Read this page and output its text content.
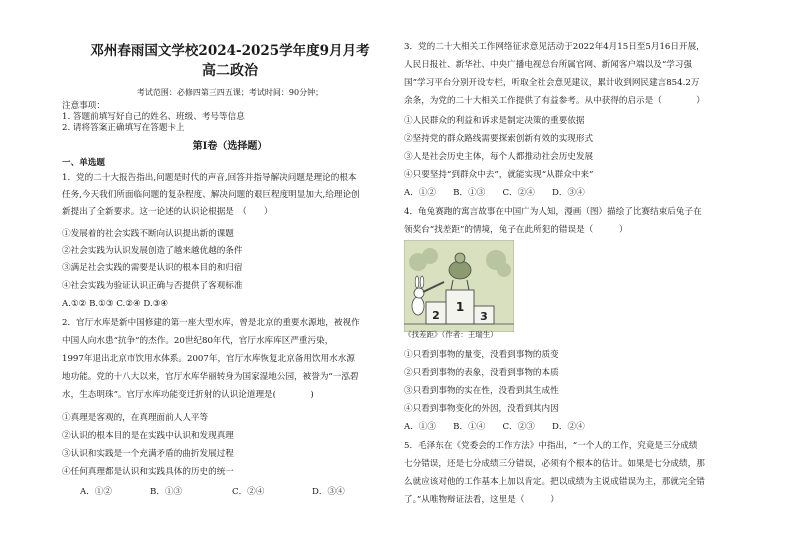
邓州春雨国文学校2024-2025学年度9月月考
高二政治
考试范围：必修四第三四五课；考试时间：90分钟；
注意事项：
1. 答题前填写好自己的姓名、班级、考号等信息
2. 请将答案正确填写在答题卡上
第Ⅰ卷（选择题）
一、单选题
1．党的二十大报告指出,问题是时代的声音,回答并指导解决问题是理论的根本
任务,今天我们所面临问题的复杂程度、解决问题的艰巨程度明显加大,给理论创
新提出了全新要求。这一论述的认识论根据是　（　　）
①发展着的社会实践不断向认识提出新的课题
②社会实践为认识发展创造了越来越优越的条件
③满足社会实践的需要是认识的根本目的和归宿
④社会实践为验证认识正确与否提供了客观标准
A.①② B.①③ C.②④ D.③④
2．官厅水库是新中国修建的第一座大型水库，曾是北京的重要水源地，被视作
中国人向水患“抗争”的杰作。20世纪80年代，官厅水库库区严重污染，
1997年退出北京市饮用水体系。2007年，官厅水库恢复北京备用饮用水水源
地功能。党的十八大以来，官厅水库华丽转身为国家湿地公园，被誉为“一泓碧
水，生态明珠”。官厅水库功能变迁折射的认识论道理是(　　　　)
①真理是客观的，在真理面前人人平等
②认识的根本目的是在实践中认识和发现真理
③认识和实践是一个充满矛盾的曲折发展过程
④任何真理都是认识和实践具体的历史的统一
A．①②	B．①③	C．②④	D．③④
3．党的二十大相关工作网络征求意见活动于2022年4月15日至5月16日开展，
人民日报社、新华社、中央广播电视总台所属官网、新闻客户端以及“学习强
国”学习平台分别开设专栏，听取全社会意见建议，累计收到网民建言854.2万
余条，为党的二十大相关工作提供了有益参考。从中获得的启示是（　　　　）
①人民群众的利益和诉求是制定决策的重要依据
②坚持党的群众路线需要探索创新有效的实现形式
③人是社会历史主体，每个人都推动社会历史发展
④只要坚持“到群众中去”，就能实现“从群众中来”
A．①②　　B．①③　　C．②④　　D．③④
4．龟兔赛跑的寓言故事在中国广为人知，漫画（图）描绘了比赛结束后兔子在
领奖台“找差距”的情境，兔子在此所犯的错误是（　　　）
1
2	3
《找差距》（作者：王瑞生）
①只看到事物的量变，没看到事物的质变
②只看到事物的表象，没看到事物的本质
③只看到事物的实在性，没看到其生成性
④只看到事物变化的外因，没看到其内因
A．①③　　B．①④　　C．②③　　D．②④
5．毛泽东在《党委会的工作方法》中指出，“一个人的工作，究竟是三分成绩
七分错误，还是七分成绩三分错误，必须有个根本的估计。如果是七分成绩，那
么就应该对他的工作基本上加以肯定。把以成绩为主说成错误为主，那就完全错
了。”从唯物辩证法看，这里是（　　　）
